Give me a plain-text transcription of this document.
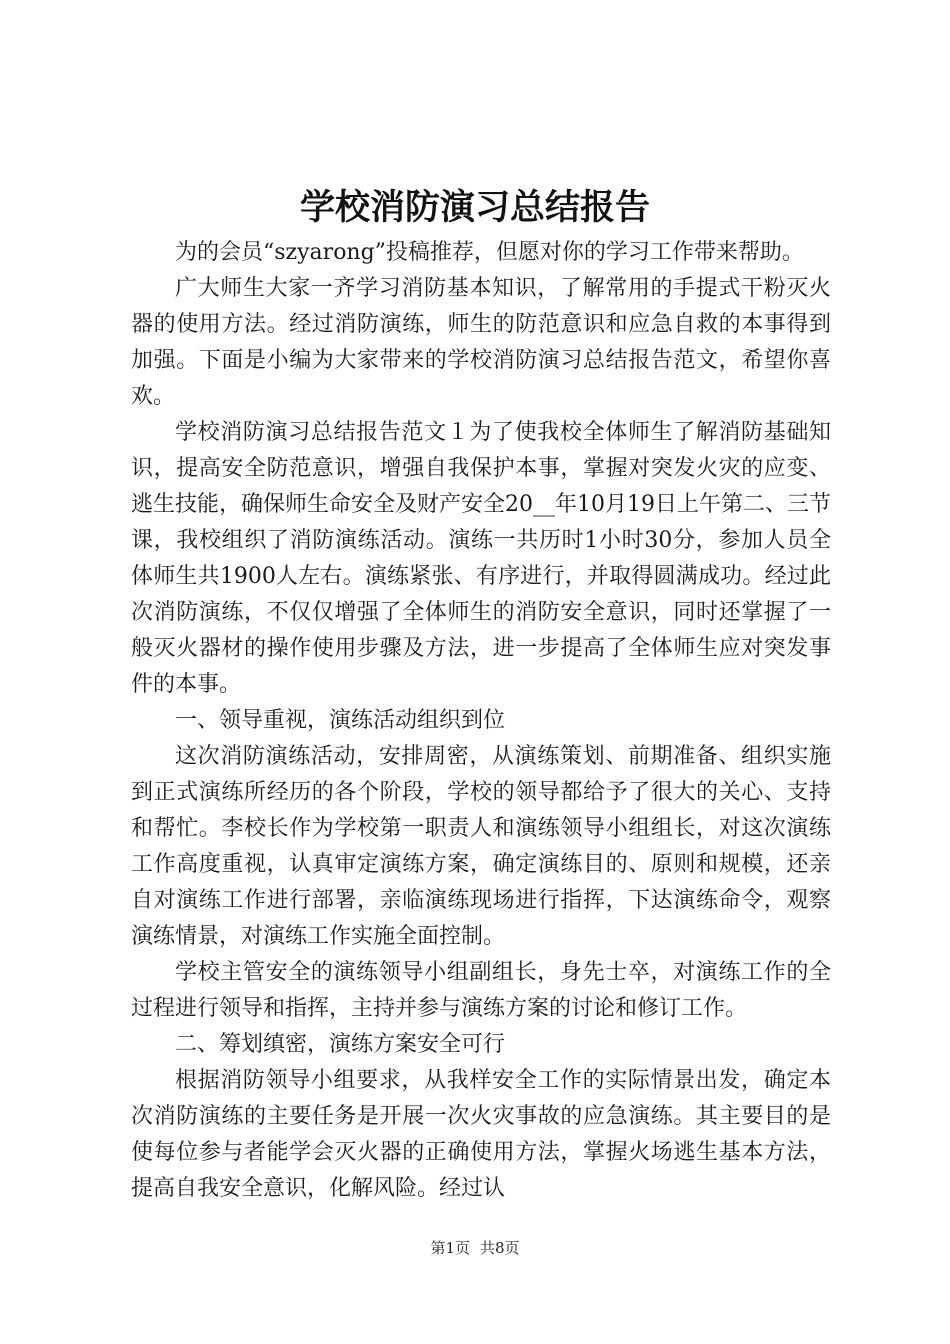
学校消防演习总结报告

为的会员“szyarong”投稿推荐，但愿对你的学习工作带来帮助。

广大师生大家一齐学习消防基本知识，了解常用的手提式干粉灭火器的使用方法。经过消防演练，师生的防范意识和应急自救的本事得到加强。下面是小编为大家带来的学校消防演习总结报告范文，希望你喜欢。

学校消防演习总结报告范文１为了使我校全体师生了解消防基础知识，提高安全防范意识，增强自我保护本事，掌握对突发火灾的应变、逃生技能，确保师生命安全及财产安全20__年10月19日上午第二、三节课，我校组织了消防演练活动。演练一共历时1小时30分，参加人员全体师生共1900人左右。演练紧张、有序进行，并取得圆满成功。经过此次消防演练，不仅仅增强了全体师生的消防安全意识，同时还掌握了一般灭火器材的操作使用步骤及方法，进一步提高了全体师生应对突发事件的本事。

一、领导重视，演练活动组织到位

这次消防演练活动，安排周密，从演练策划、前期准备、组织实施到正式演练所经历的各个阶段，学校的领导都给予了很大的关心、支持和帮忙。李校长作为学校第一职责人和演练领导小组组长，对这次演练工作高度重视，认真审定演练方案，确定演练目的、原则和规模，还亲自对演练工作进行部署，亲临演练现场进行指挥，下达演练命令，观察演练情景，对演练工作实施全面控制。

学校主管安全的演练领导小组副组长，身先士卒，对演练工作的全过程进行领导和指挥，主持并参与演练方案的讨论和修订工作。

二、筹划缜密，演练方案安全可行

根据消防领导小组要求，从我样安全工作的实际情景出发，确定本次消防演练的主要任务是开展一次火灾事故的应急演练。其主要目的是使每位参与者能学会灭火器的正确使用方法，掌握火场逃生基本方法，提高自我安全意识，化解风险。经过认

第1页 共8页
